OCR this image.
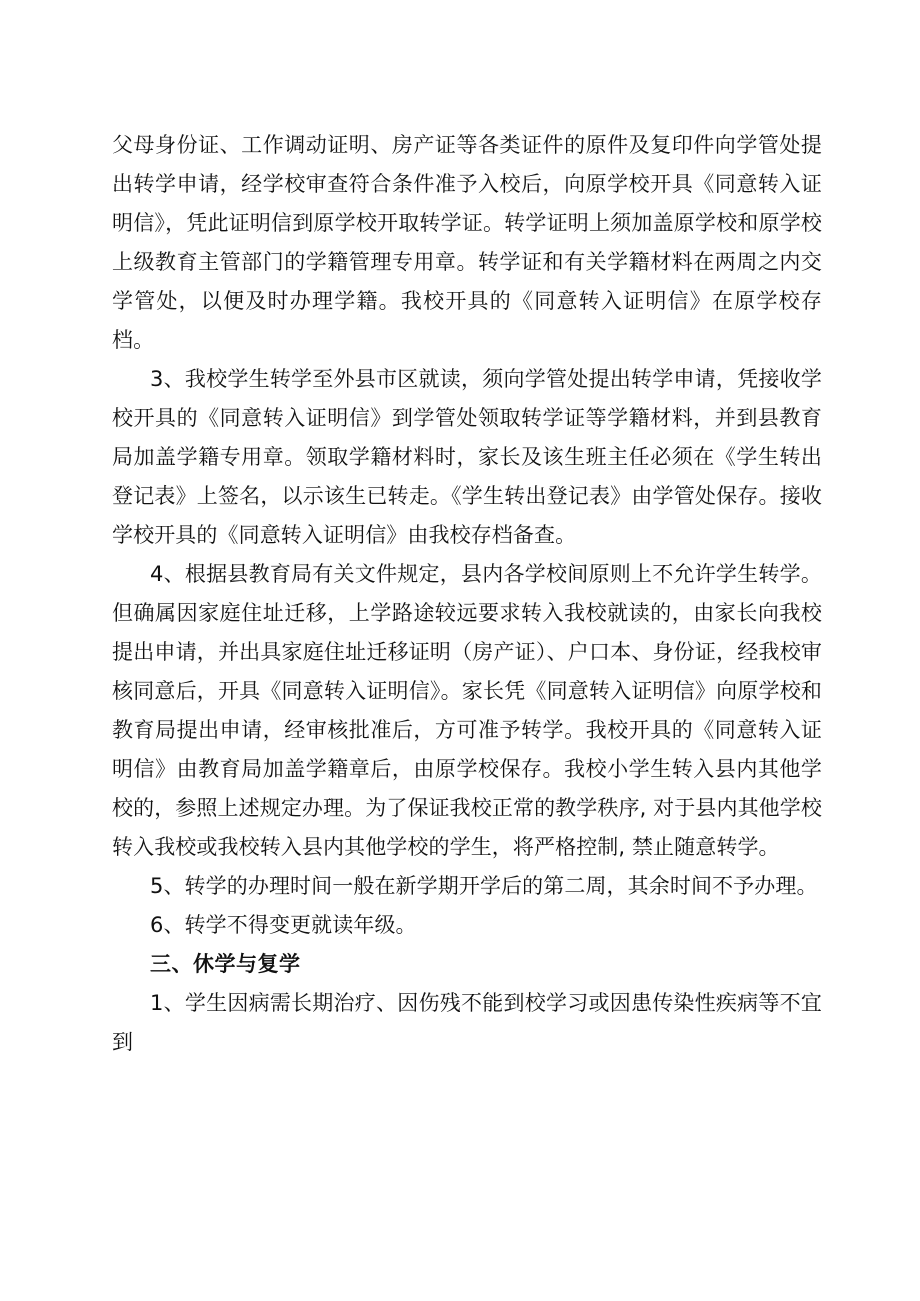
父母身份证、工作调动证明、房产证等各类证件的原件及复印件向学管处提出转学申请，经学校审查符合条件准予入校后，向原学校开具《同意转入证明信》，凭此证明信到原学校开取转学证。转学证明上须加盖原学校和原学校上级教育主管部门的学籍管理专用章。转学证和有关学籍材料在两周之内交学管处，以便及时办理学籍。我校开具的《同意转入证明信》在原学校存档。

3、我校学生转学至外县市区就读，须向学管处提出转学申请，凭接收学校开具的《同意转入证明信》到学管处领取转学证等学籍材料，并到县教育局加盖学籍专用章。领取学籍材料时，家长及该生班主任必须在《学生转出登记表》上签名，以示该生已转走。《学生转出登记表》由学管处保存。接收学校开具的《同意转入证明信》由我校存档备查。

4、根据县教育局有关文件规定，县内各学校间原则上不允许学生转学。但确属因家庭住址迁移，上学路途较远要求转入我校就读的，由家长向我校提出申请，并出具家庭住址迁移证明（房产证）、户口本、身份证，经我校审核同意后，开具《同意转入证明信》。家长凭《同意转入证明信》向原学校和教育局提出申请，经审核批准后，方可准予转学。我校开具的《同意转入证明信》由教育局加盖学籍章后，由原学校保存。我校小学生转入县内其他学校的，参照上述规定办理。为了保证我校正常的教学秩序, 对于县内其他学校转入我校或我校转入县内其他学校的学生，将严格控制, 禁止随意转学。

5、转学的办理时间一般在新学期开学后的第二周，其余时间不予办理。

6、转学不得变更就读年级。

三、休学与复学

1、学生因病需长期治疗、因伤残不能到校学习或因患传染性疾病等不宜到
